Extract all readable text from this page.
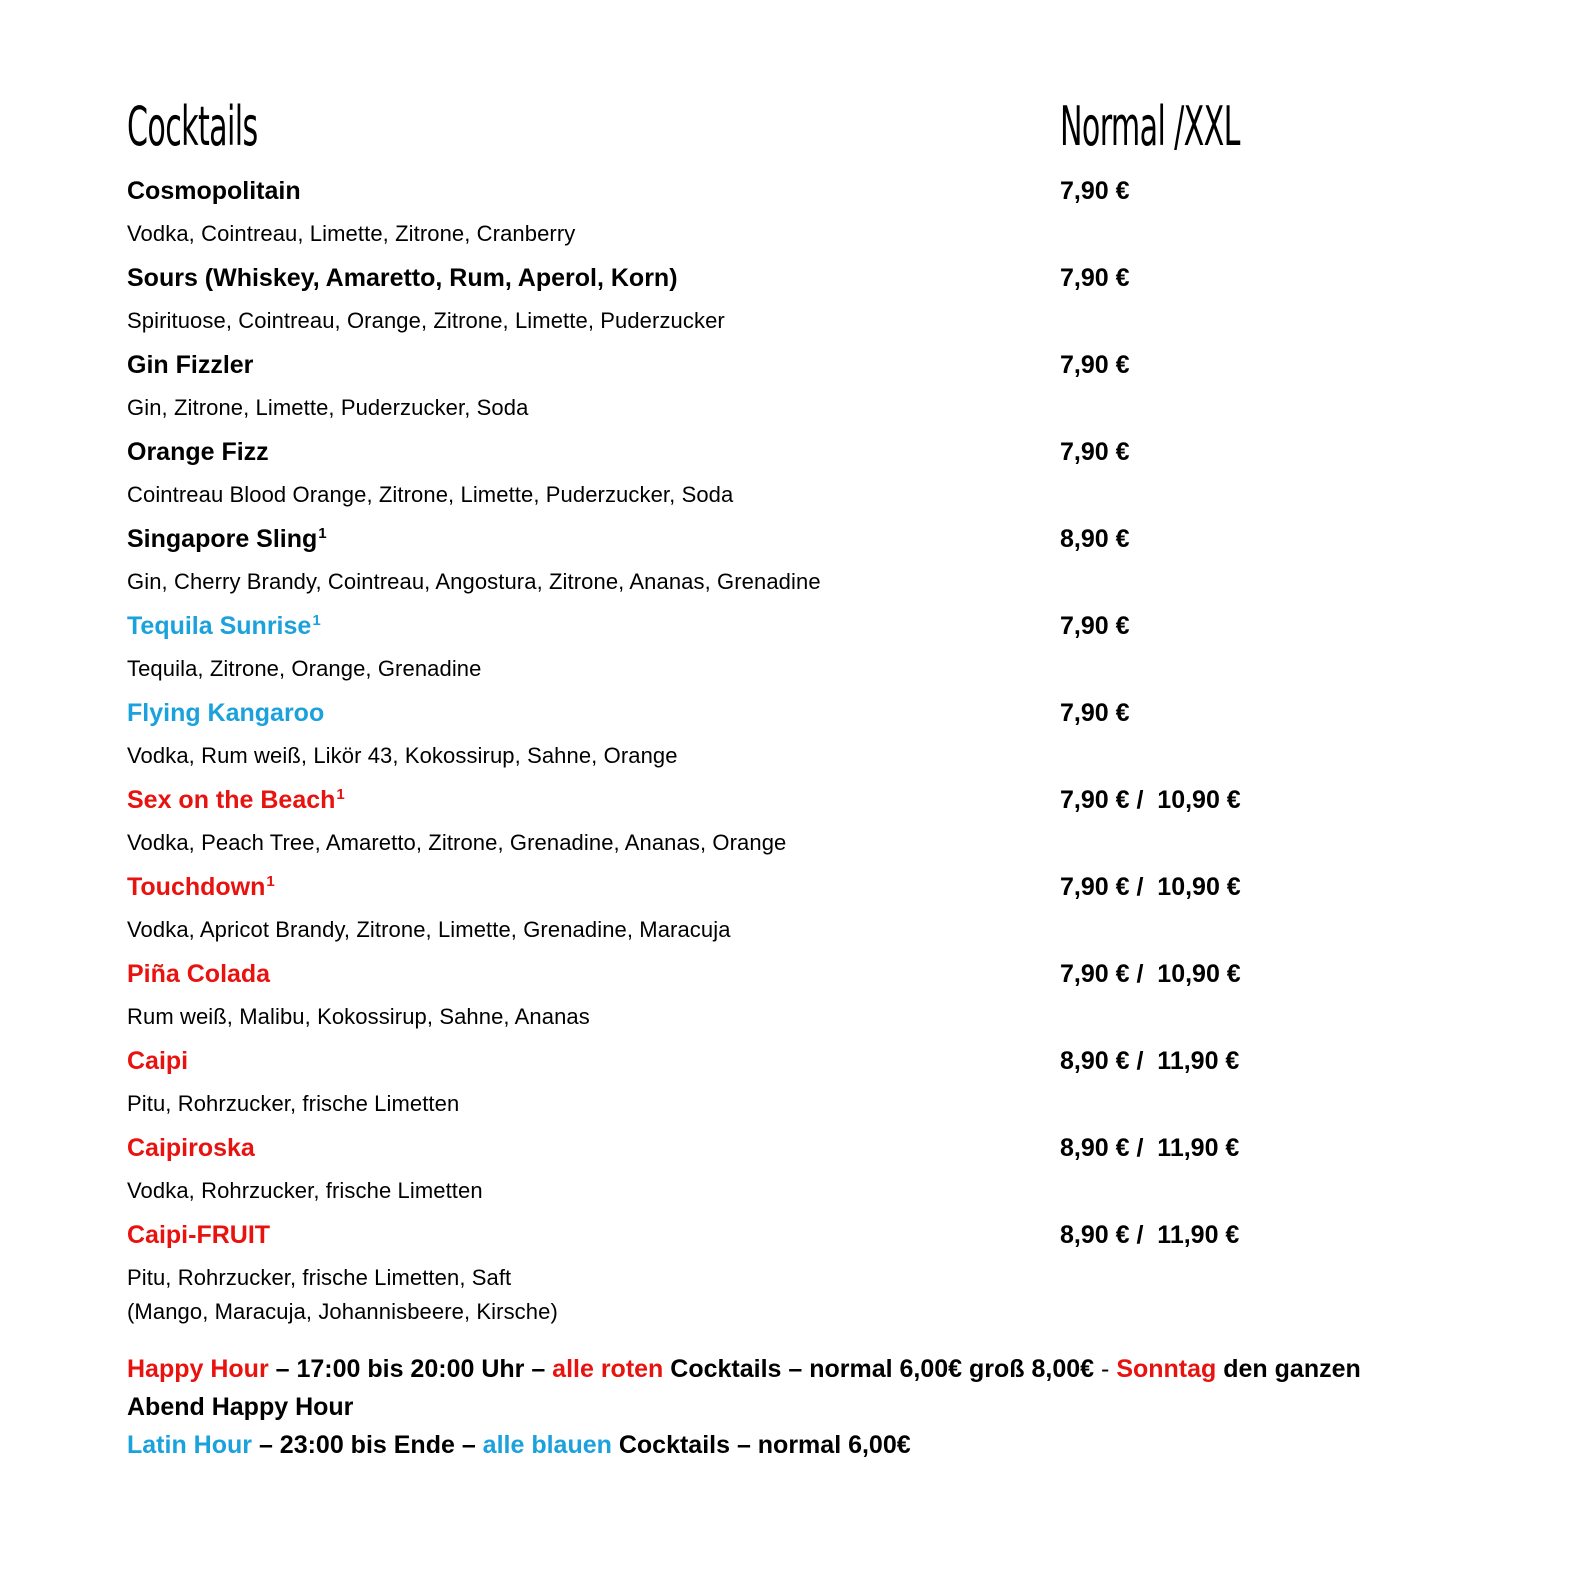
Cocktails	Normal /XXL
Cosmopolitain
Vodka, Cointreau, Limette, Zitrone, Cranberry
7,90 €
Sours (Whiskey, Amaretto, Rum, Aperol, Korn)
Spirituose, Cointreau, Orange, Zitrone, Limette, Puderzucker
7,90 €
Gin Fizzler
Gin, Zitrone, Limette, Puderzucker, Soda
7,90 €
Orange Fizz
Cointreau Blood Orange, Zitrone, Limette, Puderzucker, Soda
7,90 €
Singapore Sling$^1$
Gin, Cherry Brandy, Cointreau, Angostura, Zitrone, Ananas, Grenadine
8,90 €
Tequila Sunrise$^1$
Tequila, Zitrone, Orange, Grenadine
7,90 €
Flying Kangaroo
Vodka, Rum weiß, Likör 43, Kokossirup, Sahne, Orange
7,90 €
Sex on the Beach$^1$
Vodka, Peach Tree, Amaretto, Zitrone, Grenadine, Ananas, Orange
7,90 € /  10,90 €
Touchdown$^1$
Vodka, Apricot Brandy, Zitrone, Limette, Grenadine, Maracuja
7,90 € /  10,90 €
Piña Colada
Rum weiß, Malibu, Kokossirup, Sahne, Ananas
7,90 € /  10,90 €
Caipi
Pitu, Rohrzucker, frische Limetten
8,90 € /  11,90 €
Caipiroska
Vodka, Rohrzucker, frische Limetten
8,90 € /  11,90 €
Caipi-FRUIT
Pitu, Rohrzucker, frische Limetten, Saft
(Mango, Maracuja, Johannisbeere, Kirsche)
8,90 € /  11,90 €
Happy Hour – 17:00 bis 20:00 Uhr – alle roten Cocktails – normal 6,00€ groß 8,00€ - Sonntag den ganzen
Abend Happy Hour
Latin Hour – 23:00 bis Ende – alle blauen Cocktails – normal 6,00€
